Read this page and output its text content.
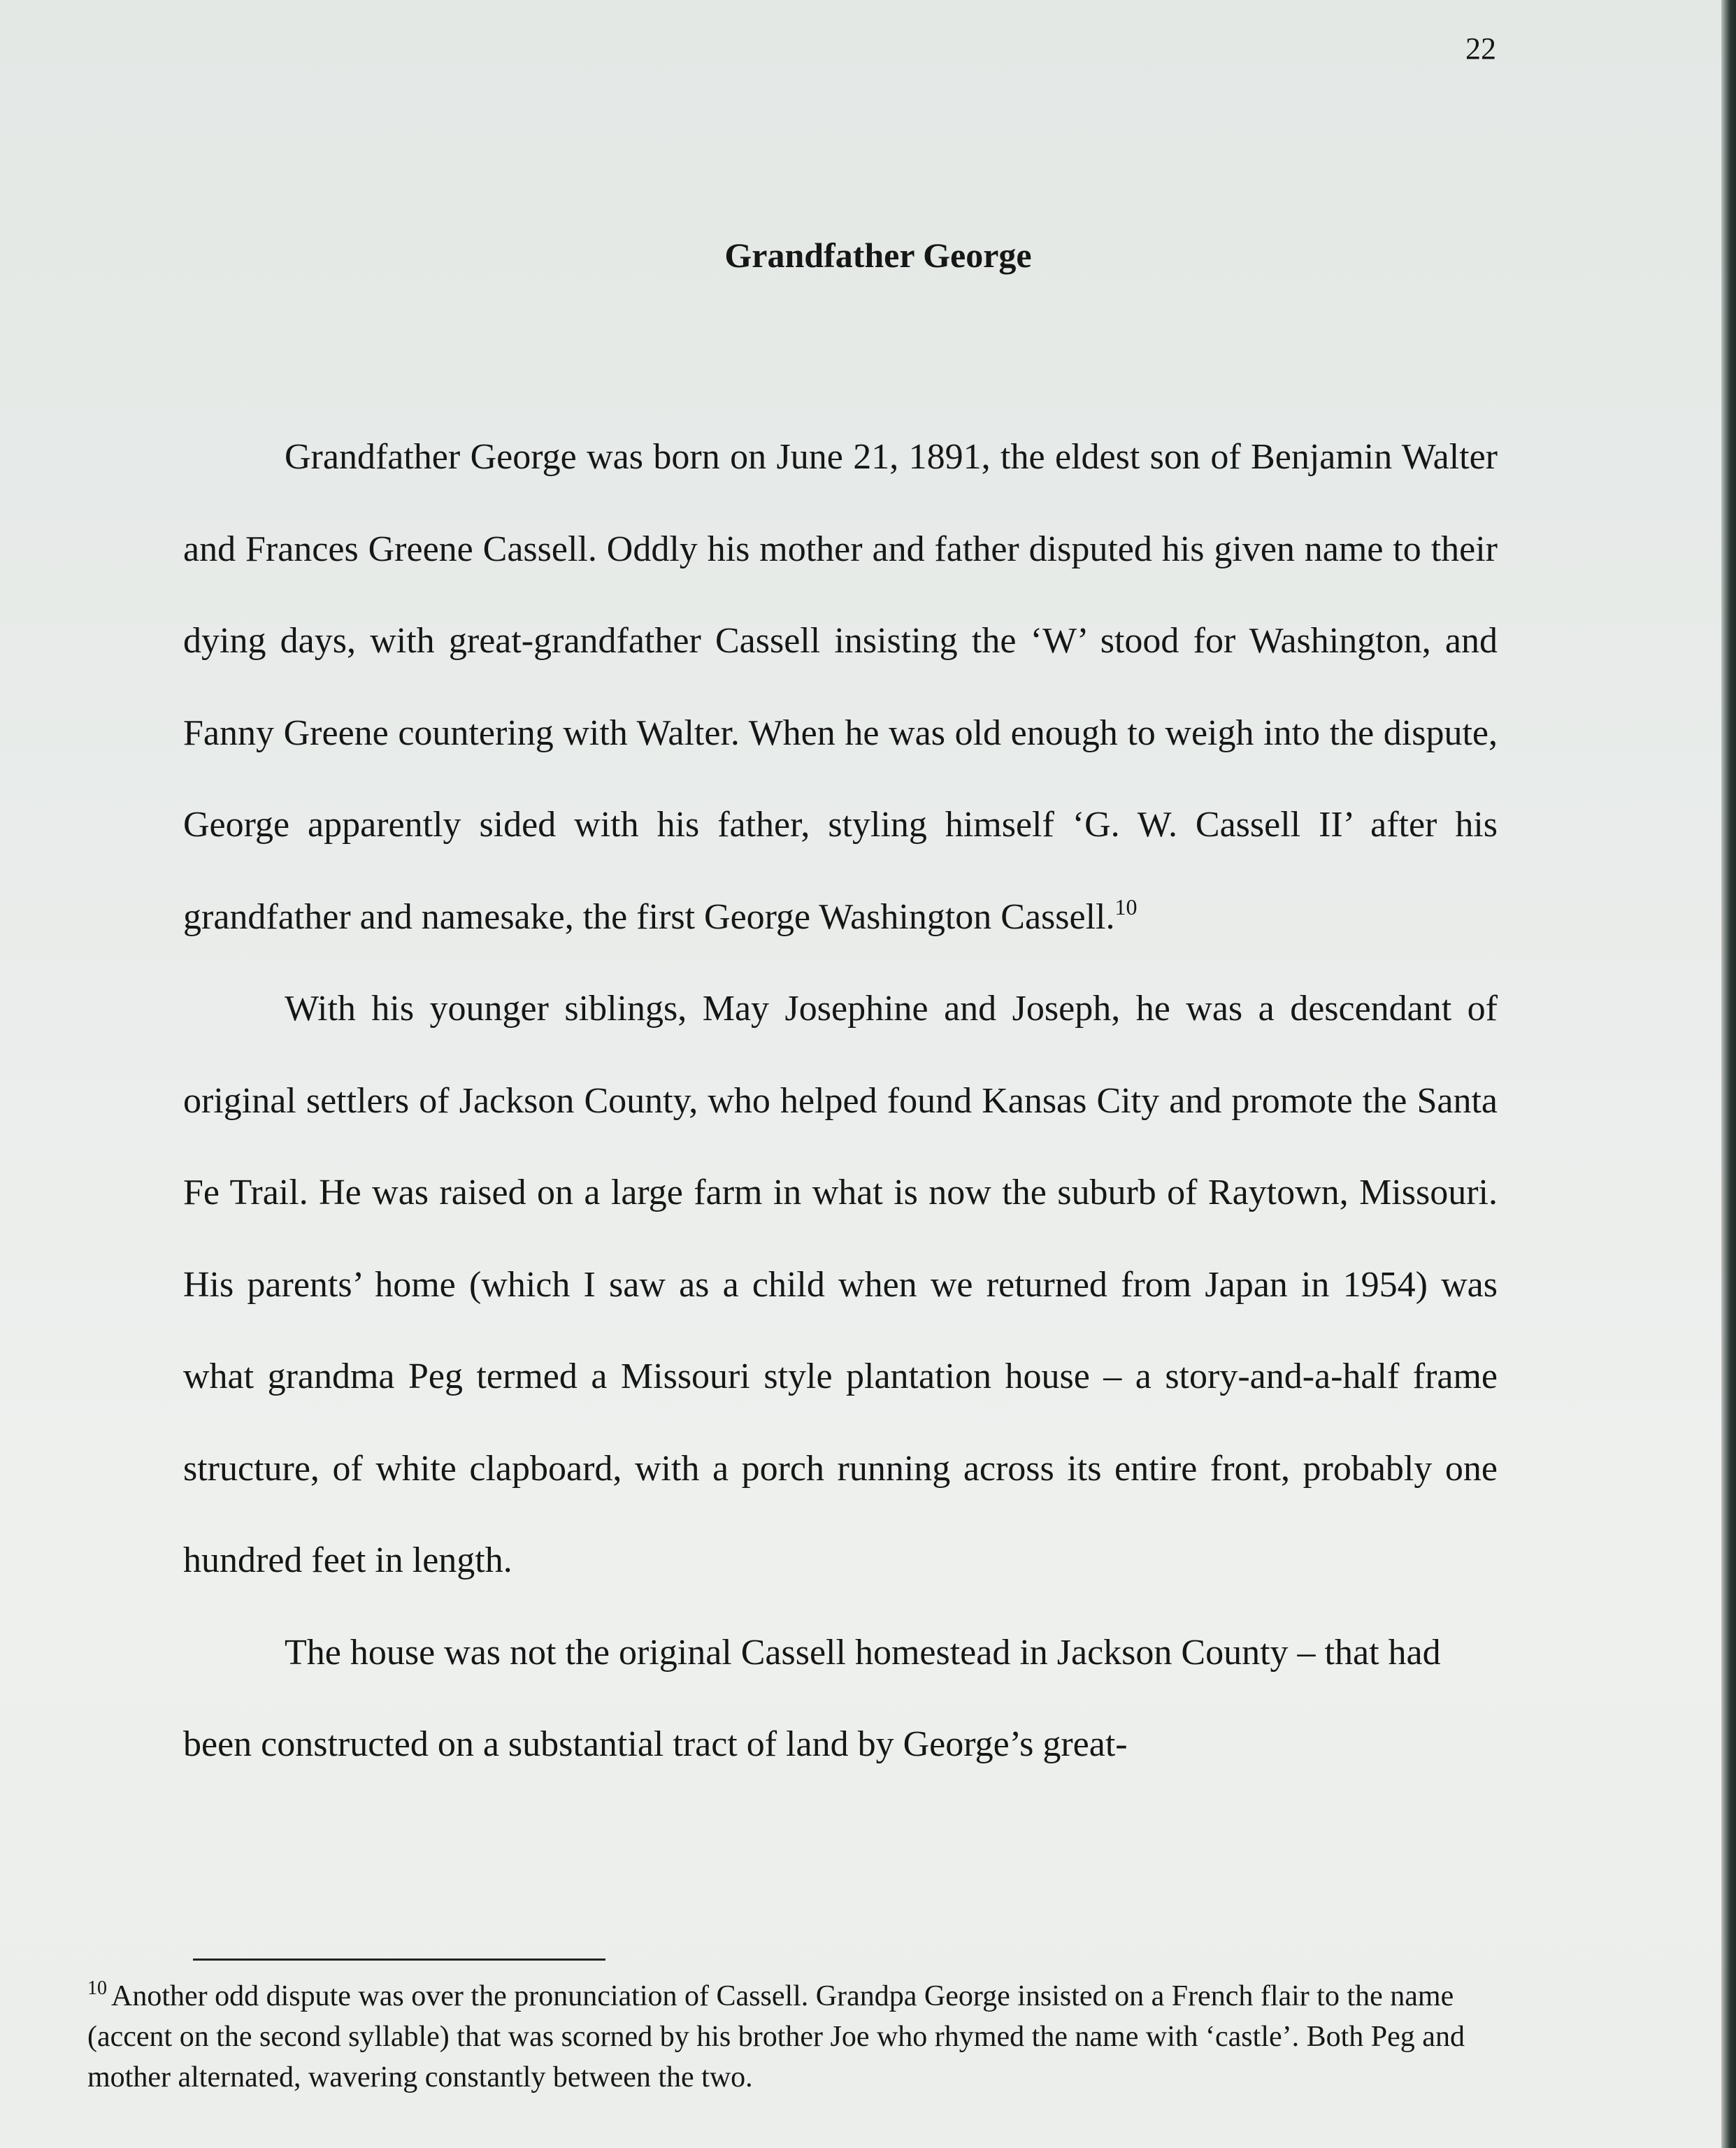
22
Grandfather George

Grandfather George was born on June 21, 1891, the eldest son of Benjamin Walter and Frances Greene Cassell. Oddly his mother and father disputed his given name to their dying days, with great-grandfather Cassell insisting the ‘W’ stood for Washington, and Fanny Greene countering with Walter. When he was old enough to weigh into the dispute, George apparently sided with his father, styling himself ‘G. W. Cassell II’ after his grandfather and namesake, the first George Washington Cassell.$^{10}$

With his younger siblings, May Josephine and Joseph, he was a descendant of original settlers of Jackson County, who helped found Kansas City and promote the Santa Fe Trail. He was raised on a large farm in what is now the suburb of Raytown, Missouri. His parents’ home (which I saw as a child when we returned from Japan in 1954) was what grandma Peg termed a Missouri style plantation house – a story-and-a-half frame structure, of white clapboard, with a porch running across its entire front, probably one hundred feet in length.

The house was not the original Cassell homestead in Jackson County – that had been constructed on a substantial tract of land by George’s great-

$^{10}$ Another odd dispute was over the pronunciation of Cassell. Grandpa George insisted on a French flair to the name (accent on the second syllable) that was scorned by his brother Joe who rhymed the name with ‘castle’. Both Peg and mother alternated, wavering constantly between the two.
